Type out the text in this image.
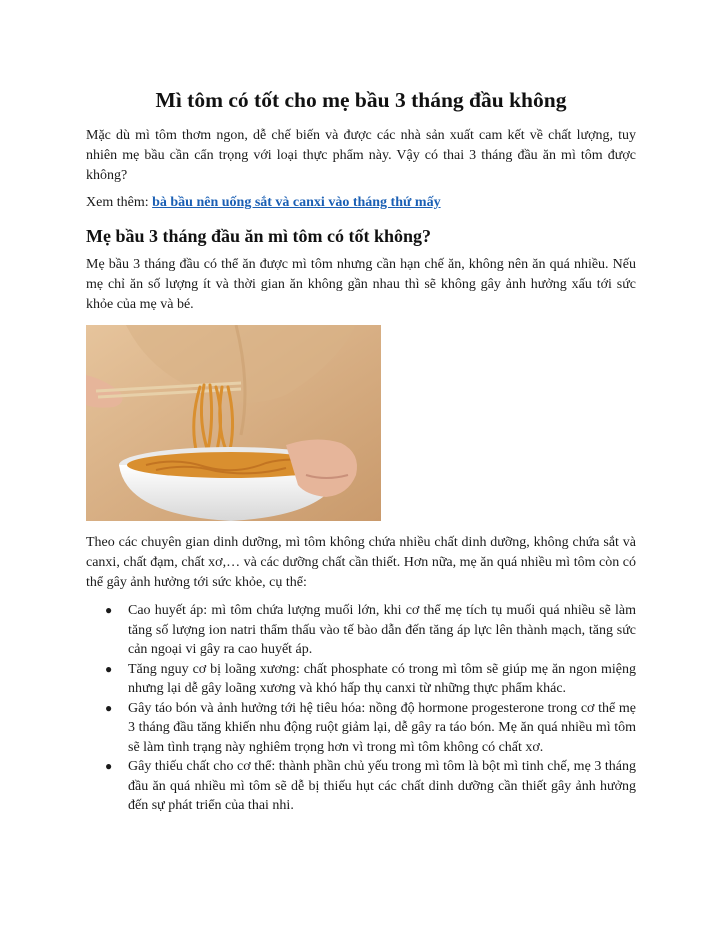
Mì tôm có tốt cho mẹ bầu 3 tháng đầu không

Mặc dù mì tôm thơm ngon, dễ chế biến và được các nhà sản xuất cam kết về chất lượng, tuy nhiên mẹ bầu cần cẩn trọng với loại thực phẩm này. Vậy có thai 3 tháng đầu ăn mì tôm được không?

Xem thêm: bà bầu nên uống sắt và canxi vào tháng thứ mấy

Mẹ bầu 3 tháng đầu ăn mì tôm có tốt không?

Mẹ bầu 3 tháng đầu có thể ăn được mì tôm nhưng cần hạn chế ăn, không nên ăn quá nhiều. Nếu mẹ chỉ ăn số lượng ít và thời gian ăn không gần nhau thì sẽ không gây ảnh hưởng xấu tới sức khỏe của mẹ và bé.

Theo các chuyên gian dinh dưỡng, mì tôm không chứa nhiều chất dinh dưỡng, không chứa sắt và canxi, chất đạm, chất xơ,… và các dưỡng chất cần thiết. Hơn nữa, mẹ ăn quá nhiều mì tôm còn có thể gây ảnh hưởng tới sức khỏe, cụ thể:

● Cao huyết áp: mì tôm chứa lượng muối lớn, khi cơ thể mẹ tích tụ muối quá nhiều sẽ làm tăng số lượng ion natri thẩm thấu vào tế bào dẫn đến tăng áp lực lên thành mạch, tăng sức cản ngoại vi gây ra cao huyết áp.
● Tăng nguy cơ bị loãng xương: chất phosphate có trong mì tôm sẽ giúp mẹ ăn ngon miệng nhưng lại dễ gây loãng xương và khó hấp thụ canxi từ những thực phẩm khác.
● Gây táo bón và ảnh hưởng tới hệ tiêu hóa: nồng độ hormone progesterone trong cơ thể mẹ 3 tháng đầu tăng khiến nhu động ruột giảm lại, dễ gây ra táo bón. Mẹ ăn quá nhiều mì tôm sẽ làm tình trạng này nghiêm trọng hơn vì trong mì tôm không có chất xơ.
● Gây thiếu chất cho cơ thể: thành phần chủ yếu trong mì tôm là bột mì tinh chế, mẹ 3 tháng đầu ăn quá nhiều mì tôm sẽ dễ bị thiếu hụt các chất dinh dưỡng cần thiết gây ảnh hưởng đến sự phát triển của thai nhi.
